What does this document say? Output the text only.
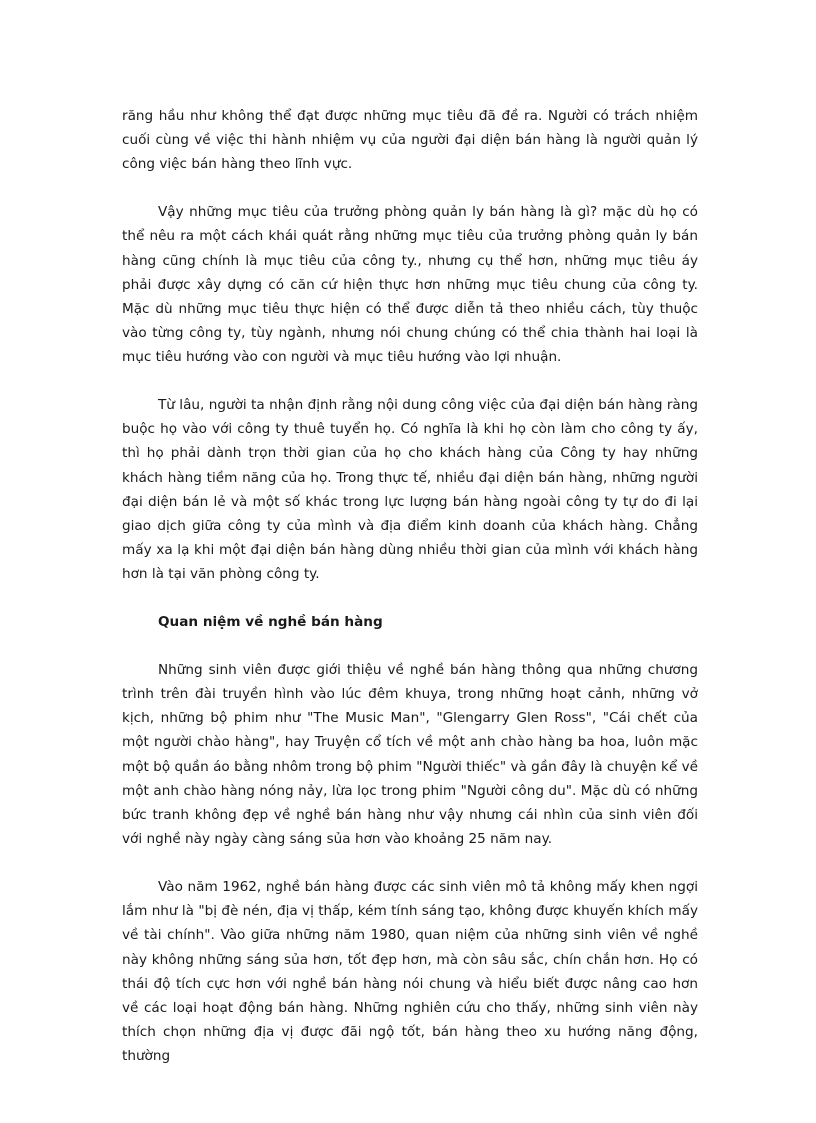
răng hầu như không thể đạt được những mục tiêu đã đề ra. Người có trách nhiệm cuối cùng về việc thi hành nhiệm vụ của người đại diện bán hàng là người quản lý công việc bán hàng theo lĩnh vực.

Vậy những mục tiêu của trưởng phòng quản ly bán hàng là gì? mặc dù họ có thể nêu ra một cách khái quát rằng những mục tiêu của trưởng phòng quản ly bán hàng cũng chính là mục tiêu của công ty., nhưng cụ thể hơn, những mục tiêu áy phải được xây dựng có căn cứ hiện thực hơn những mục tiêu chung của công ty. Mặc dù những mục tiêu thực hiện có thể được diễn tả theo nhiều cách, tùy thuộc vào từng công ty, tùy ngành, nhưng nói chung chúng có thể chia thành hai loại là mục tiêu hướng vào con người và mục tiêu hướng vào lợi nhuận.

Từ lâu, người ta nhận định rằng nội dung công việc của đại diện bán hàng ràng buộc họ vào với công ty thuê tuyển họ. Có nghĩa là khi họ còn làm cho công ty ấy, thì họ phải dành trọn thời gian của họ cho khách hàng của Công ty hay những khách hàng tiềm năng của họ. Trong thực tế, nhiều đại diện bán hàng, những người đại diện bán lẻ và một số khác trong lực lượng bán hàng ngoài công ty tự do đi lại giao dịch giữa công ty của mình và địa điểm kinh doanh của khách hàng. Chẳng mấy xa lạ khi một đại diện bán hàng dùng nhiều thời gian của mình với khách hàng hơn là tại văn phòng công ty.

Quan niệm về nghề bán hàng

Những sinh viên được giới thiệu về nghề bán hàng thông qua những chương trình trên đài truyền hình vào lúc đêm khuya, trong những hoạt cảnh, những vở kịch, những bộ phim như "The Music Man", "Glengarry Glen Ross", "Cái chết của một người chào hàng", hay Truyện cổ tích về một anh chào hàng ba hoa, luôn mặc một bộ quần áo bằng nhôm trong bộ phim "Người thiếc" và gần đây là chuyện kể về một anh chào hàng nóng nảy, lừa lọc trong phim "Người công du". Mặc dù có những bức tranh không đẹp về nghề bán hàng như vậy nhưng cái nhìn của sinh viên đối với nghề này ngày càng sáng sủa hơn vào khoảng 25 năm nay.

Vào năm 1962, nghề bán hàng được các sinh viên mô tả không mấy khen ngợi lắm như là "bị đè nén, địa vị thấp, kém tính sáng tạo, không được khuyến khích mấy về tài chính". Vào giữa những năm 1980, quan niệm của những sinh viên về nghề này không những sáng sủa hơn, tốt đẹp hơn, mà còn sâu sắc, chín chắn hơn. Họ có thái độ tích cực hơn với nghề bán hàng nói chung và hiểu biết được nâng cao hơn về các loại hoạt động bán hàng. Những nghiên cứu cho thấy, những sinh viên này thích chọn những địa vị được đãi ngộ tốt, bán hàng theo xu hướng năng động, thường
